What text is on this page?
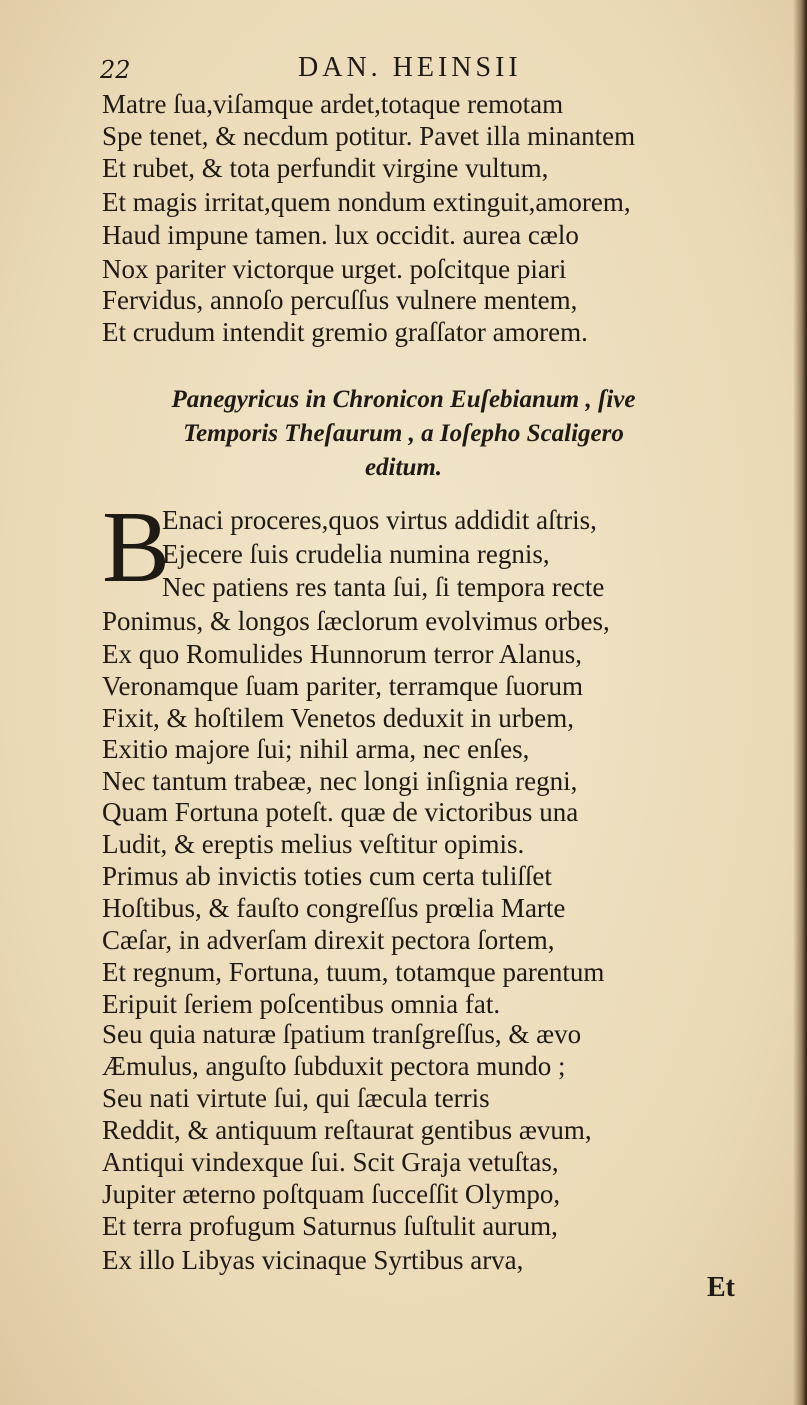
22	DAN. HEINSII
Matre ſua,viſamque ardet,totaque remotam
Spe tenet, & necdum potitur. Pavet illa minantem
Et rubet, & tota perfundit virgine vultum,
Et magis irritat,quem nondum extinguit,amorem,
Haud impune tamen. lux occidit. aurea cælo
Nox pariter victorque urget. poſcitque piari
Fervidus, annoſo percuſſus vulnere mentem,
Et crudum intendit gremio graſſator amorem.
Panegyricus in Chronicon Euſebianum , ſive
Temporis Theſaurum , a Ioſepho Scaligero
editum.
B
Enaci proceres,quos virtus addidit aſtris,
Ejecere ſuis crudelia numina regnis,
Nec patiens res tanta ſui, ſi tempora recte
Ponimus, & longos ſæclorum evolvimus orbes,
Ex quo Romulides Hunnorum terror Alanus,
Veronamque ſuam pariter, terramque ſuorum
Fixit, & hoſtilem Venetos deduxit in urbem,
Exitio majore ſui; nihil arma, nec enſes,
Nec tantum trabeæ, nec longi inſignia regni,
Quam Fortuna poteſt. quæ de victoribus una
Ludit, & ereptis melius veſtitur opimis.
Primus ab invictis toties cum certa tuliſſet
Hoſtibus, & fauſto congreſſus prœlia Marte
Cæſar, in adverſam direxit pectora ſortem,
Et regnum, Fortuna, tuum, totamque parentum
Eripuit ſeriem poſcentibus omnia fat.
Seu quia naturæ ſpatium tranſgreſſus, & ævo
Æmulus, anguſto ſubduxit pectora mundo ;
Seu nati virtute ſui, qui ſæcula terris
Reddit, & antiquum reſtaurat gentibus ævum,
Antiqui vindexque ſui. Scit Graja vetuſtas,
Jupiter æterno poſtquam ſucceſſit Olympo,
Et terra profugum Saturnus ſuſtulit aurum,
Ex illo Libyas vicinaque Syrtibus arva,
Et
